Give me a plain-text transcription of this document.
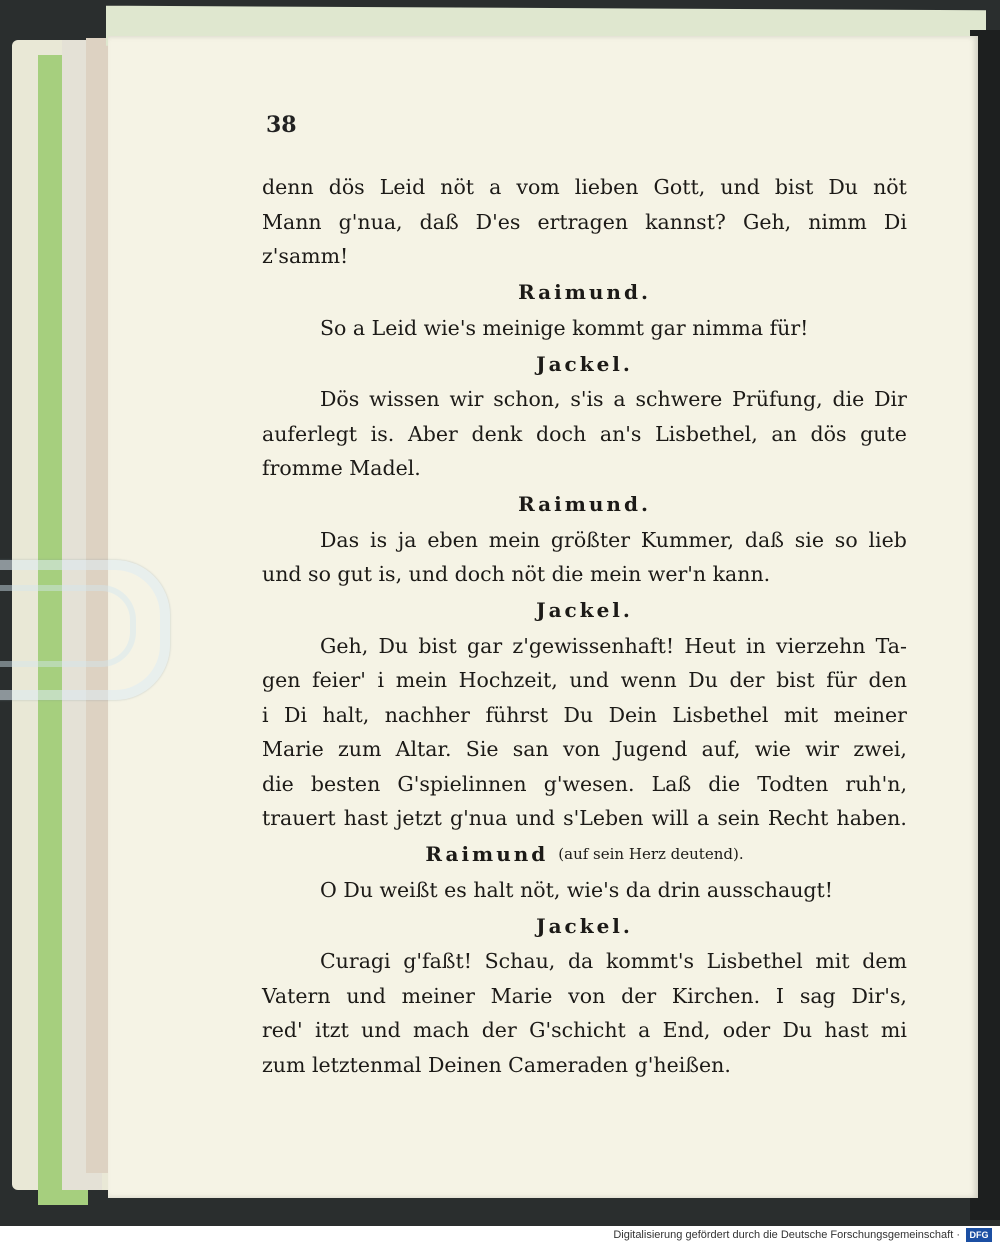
38
denn dös Leid nöt a vom lieben Gott, und bist Du nöt
Mann g'nua, daß D'es ertragen kannst? Geh, nimm Di
z'samm!
Raimund.
So a Leid wie's meinige kommt gar nimma für!
Jackel.
Dös wissen wir schon, s'is a schwere Prüfung, die Dir
auferlegt is. Aber denk doch an's Lisbethel, an dös gute
fromme Madel.
Raimund.
Das is ja eben mein größter Kummer, daß sie so lieb
und so gut is, und doch nöt die mein wer'n kann.
Jackel.
Geh, Du bist gar z'gewissenhaft! Heut in vierzehn Ta-
gen feier' i mein Hochzeit, und wenn Du der bist für den
i Di halt, nachher führst Du Dein Lisbethel mit meiner
Marie zum Altar. Sie san von Jugend auf, wie wir zwei,
die besten G'spielinnen g'wesen. Laß die Todten ruh'n,
trauert hast jetzt g'nua und s'Leben will a sein Recht haben.
Raimund (auf sein Herz deutend).
O Du weißt es halt nöt, wie's da drin ausschaugt!
Jackel.
Curagi g'faßt! Schau, da kommt's Lisbethel mit dem
Vatern und meiner Marie von der Kirchen. I sag Dir's,
red' itzt und mach der G'schicht a End, oder Du hast mi
zum letztenmal Deinen Cameraden g'heißen.
Digitalisierung gefördert durch die Deutsche Forschungsgemeinschaft ·	DFG
